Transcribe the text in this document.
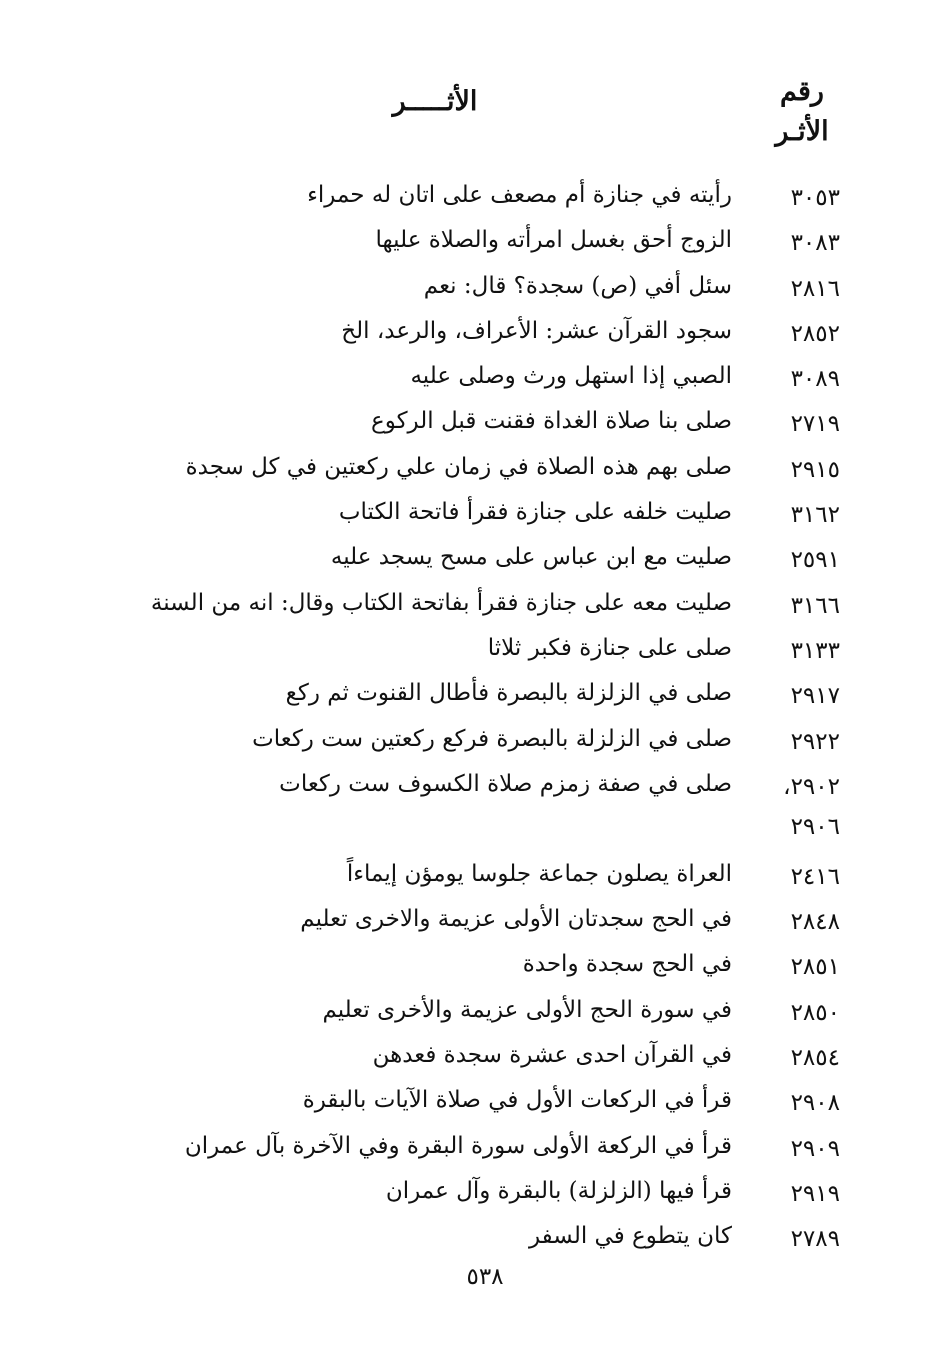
رقم الأثـر
الأثـــــر
٣٠٥٣
رأيته في جنازة أم مصعف على اتان له حمراء
٣٠٨٣
الزوج أحق بغسل امرأته والصلاة عليها
٢٨١٦
سئل أفي (ص) سجدة؟ قال: نعم
٢٨٥٢
سجود القرآن عشر: الأعراف، والرعد، الخ
٣٠٨٩
الصبي إذا استهل ورث وصلى عليه
٢٧١٩
صلى بنا صلاة الغداة فقنت قبل الركوع
٢٩١٥
صلى بهم هذه الصلاة في زمان علي ركعتين في كل سجدة
٣١٦٢
صليت خلفه على جنازة فقرأ فاتحة الكتاب
٢٥٩١
صليت مع ابن عباس على مسح يسجد عليه
٣١٦٦
صليت معه على جنازة فقرأ بفاتحة الكتاب وقال: انه من السنة
٣١٣٣
صلى على جنازة فكبر ثلاثا
٢٩١٧
صلى في الزلزلة بالبصرة فأطال القنوت ثم ركع
٢٩٢٢
صلى في الزلزلة بالبصرة فركع ركعتين ست ركعات
٢٩٠٢،
٢٩٠٦
صلى في صفة زمزم صلاة الكسوف ست ركعات
٢٤١٦
العراة يصلون جماعة جلوسا يومؤن إيماءاً
٢٨٤٨
في الحج سجدتان الأولى عزيمة والاخرى تعليم
٢٨٥١
في الحج سجدة واحدة
٢٨٥٠
في سورة الحج الأولى عزيمة والأخرى تعليم
٢٨٥٤
في القرآن احدى عشرة سجدة فعدهن
٢٩٠٨
قرأ في الركعات الأول في صلاة الآيات بالبقرة
٢٩٠٩
قرأ في الركعة الأولى سورة البقرة وفي الآخرة بآل عمران
٢٩١٩
قرأ فيها (الزلزلة) بالبقرة وآل عمران
٢٧٨٩
كان يتطوع في السفر
٥٣٨
